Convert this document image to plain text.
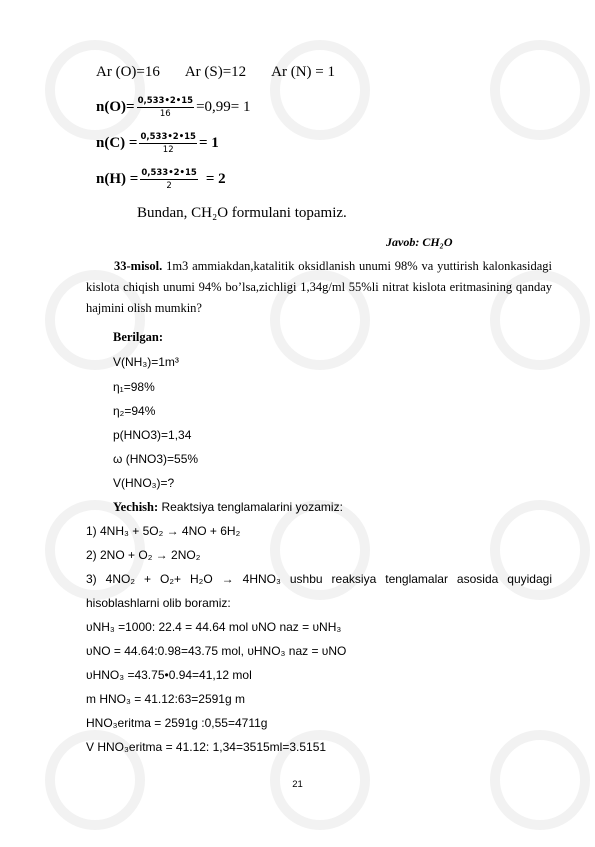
Ar (O)=16 Ar (S)=12 Ar (N) = 1
$n(O)= \frac{0,533•2•15}{16} =0,99= 1$
$n(C) = \frac{0,533•2•15}{12} = 1$
$n(H) = \frac{0,533•2•15}{2} = 2$
Bundan, CH₂O formulani topamiz.
Javob: CH₂O
33-misol. 1m3 ammiakdan,katalitik oksidlanish unumi 98% va yuttirish kalonkasidagi kislota chiqish unumi 94% bo’lsa,zichligi 1,34g/ml 55%li nitrat kislota eritmasining qanday hajmini olish mumkin?
Berilgan:
V(NH₃)=1m³
η₁=98%
η₂=94%
p(HNO3)=1,34
ω (HNO3)=55%
V(HNO₃)=?
Yechish: Reaktsiya tenglamalarini yozamiz:
1) 4NH₃ + 5O₂ → 4NO + 6H₂
2) 2NO + O₂ → 2NO₂
3) 4NO₂ + O₂+ H₂O → 4HNO₃ ushbu reaksiya tenglamalar asosida quyidagi
hisoblashlarni olib boramiz:
υNH₃ =1000: 22.4 = 44.64 mol υNO naz = υNH₃
υNO = 44.64:0.98=43.75 mol, υHNO₃ naz = υNO
υHNO₃ =43.75•0.94=41,12 mol
m HNO₃ = 41.12:63=2591g m
HNO₃eritma = 2591g :0,55=4711g
V HNO₃eritma = 41.12: 1,34=3515ml=3.5151
21
